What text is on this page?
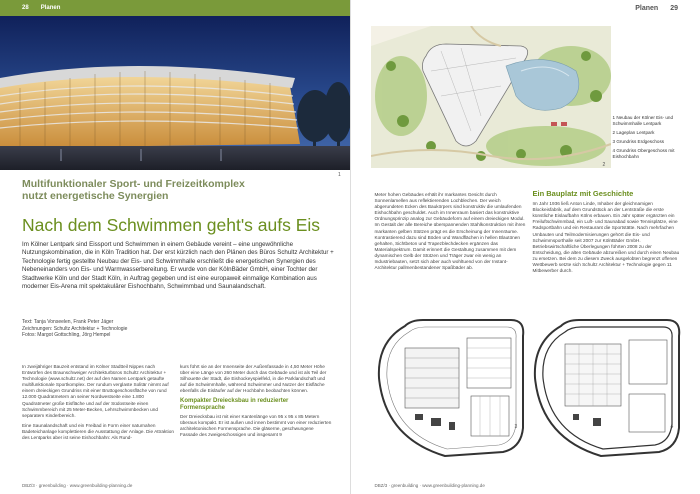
28 Planen
1
Multifunktionaler Sport- und Freizeitkomplex
nutzt energetische Synergien
Nach dem Schwimmen geht's aufs Eis
Im Kölner Lentpark sind Eissport und Schwimmen in einem Gebäude vereint – eine ungewöhnliche Nutzungskombination, die in Köln Tradition hat. Der erst kürzlich nach den Plänen des Büros Schultz Architektur + Technologie fertig gestellte Neubau der Eis- und Schwimmhalle erschließt die energetischen Synergien des Nebeneinanders von Eis- und Warmwasserbereitung. Er wurde von der KölnBäder GmbH, einer Tochter der Stadtwerke Köln und der Stadt Köln, in Auftrag gegeben und ist eine europaweit einmalige Kombination aus moderner Eis-Arena mit spektakulärer Eishochbahn, Schwimmbad und Saunalandschaft.
Text: Tanja Vonseelen, Frank Peter Jäger
Zeichnungen: Schultz Architektur + Technologie
Fotos: Margot Gottschling, Jörg Hempel

In zweijähriger Bauzeit entstand im Kölner Stadtteil Nippes nach Entwürfen des Braunschweiger Architekturbüros Schultz Architektur + Technologie (www.schultz.net) der auf den Namen Lentpark getaufte multifunktionale Sportkomplex. Der rundum verglaste Solitär nimmt auf einem dreieckigen Grundriss mit einer Bruttogeschossfläche von rund 12.000 Quadratmetern an seiner Nordwestseite eine 1.800 Quadratmeter große Eisfläche und auf der Südostseite einen Schwimmbereich mit 25 Meter-Becken, Lehrschwimmbecken und separatem Kinderbereich.

Eine Saunalandschaft und ein Freibad in Form einer naturnahen Badeteichanlage komplettieren die Ausstattung der Anlage. Die Attraktion des Lentparks aber ist seine Eishochbahn: Als Rund-

kurs führt sie an der Innenseite der Außenfassade in 4,50 Meter Höhe über eine Länge von 260 Meter durch das Gebäude und ist als Teil der Silhouette der Stadt, die Eishockeyspielfeld, in die Parklandschaft und auf die Schwimmhalle, während Schwimmer und Nutzer der Eisfläche ebenfalls die Eisläufer auf der Hochbahn beobachten können.

Kompakter Dreiecksbau in reduzierter Formensprache

Der Dreiecksbau ist mit einer Kantenlänge von 95 x 95 x 85 Metern überaus kompakt. Er ist außen und innen bestimmt von einer reduzierten architektonischen Formensprache. Die gläserne, geschwungene Fassade des zweigeschossigen und insgesamt 9

Planen 29
2
1 Neubau der Kölner Eis- und Schwimmhalle Lentpark
2 Lageplan Lentpark
3 Grundriss Erdgeschoss
4 Grundriss Obergeschoss mit Eishochbahn

Meter hohen Gebäudes erhält ihr markantes Gesicht durch Sonnenlamellen aus reflektierenden Lochblechen. Der weich abgerundeten Ecken des Baukörpers sind konstruktiv die umlaufenden Eishochbahn geschuldet. Auch im Innenraum basiert das konstruktive Ordnungsprinzip analog zur Gebäudeform auf einem dreieckigen Modul. Im Gestalt der alle Bereiche überspannenden Stahlkonstruktion mit ihren markanten gelben Stützen prägt es die Erscheinung der Innenräume. Kontrastierend dazu sind Böden und Wandflächen in hellen Blautönen gehalten, Sichtbeton und Trapezblechdecken ergänzen das Materialspektrum. Damit erinnert die Gestaltung zusammen mit dem dynamischen Gelb der Stützen und Träger zwar ein wenig an Industriebauten, setzt sich aber auch wohltuend von der Instant-Architektur pallmenbestandener Spaßbäder ab.

Ein Bauplatz mit Geschichte

Im Jahr 1936 ließ Anton Linde, Inhaber der gleichnamigen Blockeisfabrik, auf dem Grundstück an der Lentstraße die erste künstliche Eislaufbahn Kölns erbauen. Ein Jahr später ergänzten ein Freiluftschwimmbad, ein Luft- und Saunabad sowie Tennisplätze, eine Radsportbahn und ein Restaurant die Sportstätte. Nach mehrfachen Umbauten und Teilmodernisierungen gehört die Eis- und Schwimmsporthalle seit 2007 zur KölnBäder GmbH. Betriebswirtschaftliche Überlegungen führten 2008 zu der Entscheidung, die alten Gebäude abzureißen und durch einen Neubau zu ersetzen. Bei dem zu diesem Zweck ausgelobten begrenzt offenen Wettbewerb setzte sich Schultz Architektur + Technologie gegen 11 Mitbewerber durch.

3	4
DBZ/3 · greenbuilding · www.greenbuilding-planning.de
DBZ/3 · greenbuilding · www.greenbuilding-planning.de
